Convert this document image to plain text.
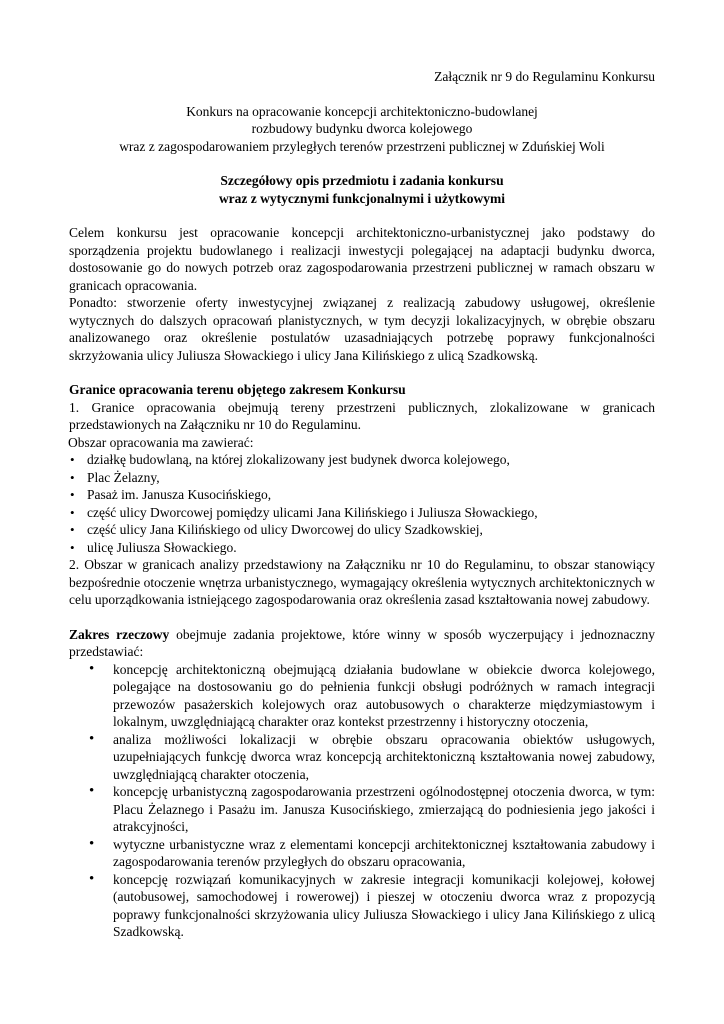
Załącznik nr 9 do Regulaminu Konkursu
Konkurs na opracowanie koncepcji architektoniczno-budowlanej
rozbudowy budynku dworca kolejowego
wraz z zagospodarowaniem przyległych terenów przestrzeni publicznej w Zduńskiej Woli
Szczegółowy opis przedmiotu i zadania konkursu
wraz z wytycznymi funkcjonalnymi i użytkowymi

Celem konkursu jest opracowanie koncepcji architektoniczno-urbanistycznej jako podstawy do sporządzenia projektu budowlanego i realizacji inwestycji polegającej na adaptacji budynku dworca, dostosowanie go do nowych potrzeb oraz zagospodarowania przestrzeni publicznej w ramach obszaru w granicach opracowania.

Ponadto: stworzenie oferty inwestycyjnej związanej z realizacją zabudowy usługowej, określenie wytycznych do dalszych opracowań planistycznych, w tym decyzji lokalizacyjnych, w obrębie obszaru analizowanego oraz określenie postulatów uzasadniających potrzebę poprawy funkcjonalności skrzyżowania ulicy Juliusza Słowackiego i ulicy Jana Kilińskiego z ulicą Szadkowską.

Granice opracowania terenu objętego zakresem Konkursu

1. Granice opracowania obejmują tereny przestrzeni publicznych, zlokalizowane w granicach przedstawionych na Załączniku nr 10 do Regulaminu.

Obszar opracowania ma zawierać:
• działkę budowlaną, na której zlokalizowany jest budynek dworca kolejowego,
• Plac Żelazny,
• Pasaż im. Janusza Kusocińskiego,
• część ulicy Dworcowej pomiędzy ulicami Jana Kilińskiego i Juliusza Słowackiego,
• część ulicy Jana Kilińskiego od ulicy Dworcowej do ulicy Szadkowskiej,
• ulicę Juliusza Słowackiego.

2. Obszar w granicach analizy przedstawiony na Załączniku nr 10 do Regulaminu, to obszar stanowiący bezpośrednie otoczenie wnętrza urbanistycznego, wymagający określenia wytycznych architektonicznych w celu uporządkowania istniejącego zagospodarowania oraz określenia zasad kształtowania nowej zabudowy.

Zakres rzeczowy obejmuje zadania projektowe, które winny w sposób wyczerpujący i jednoznaczny przedstawiać:

• koncepcję architektoniczną obejmującą działania budowlane w obiekcie dworca kolejowego, polegające na dostosowaniu go do pełnienia funkcji obsługi podróżnych w ramach integracji przewozów pasażerskich kolejowych oraz autobusowych o charakterze międzymiastowym i lokalnym, uwzględniającą charakter oraz kontekst przestrzenny i historyczny otoczenia,
• analiza możliwości lokalizacji w obrębie obszaru opracowania obiektów usługowych, uzupełniających funkcję dworca wraz koncepcją architektoniczną kształtowania nowej zabudowy, uwzględniającą charakter otoczenia,
• koncepcję urbanistyczną zagospodarowania przestrzeni ogólnodostępnej otoczenia dworca, w tym: Placu Żelaznego i Pasażu im. Janusza Kusocińskiego, zmierzającą do podniesienia jego jakości i atrakcyjności,
• wytyczne urbanistyczne wraz z elementami koncepcji architektonicznej kształtowania zabudowy i zagospodarowania terenów przyległych do obszaru opracowania,
• koncepcję rozwiązań komunikacyjnych w zakresie integracji komunikacji kolejowej, kołowej (autobusowej, samochodowej i rowerowej) i pieszej w otoczeniu dworca wraz z propozycją poprawy funkcjonalności skrzyżowania ulicy Juliusza Słowackiego i ulicy Jana Kilińskiego z ulicą Szadkowską.
